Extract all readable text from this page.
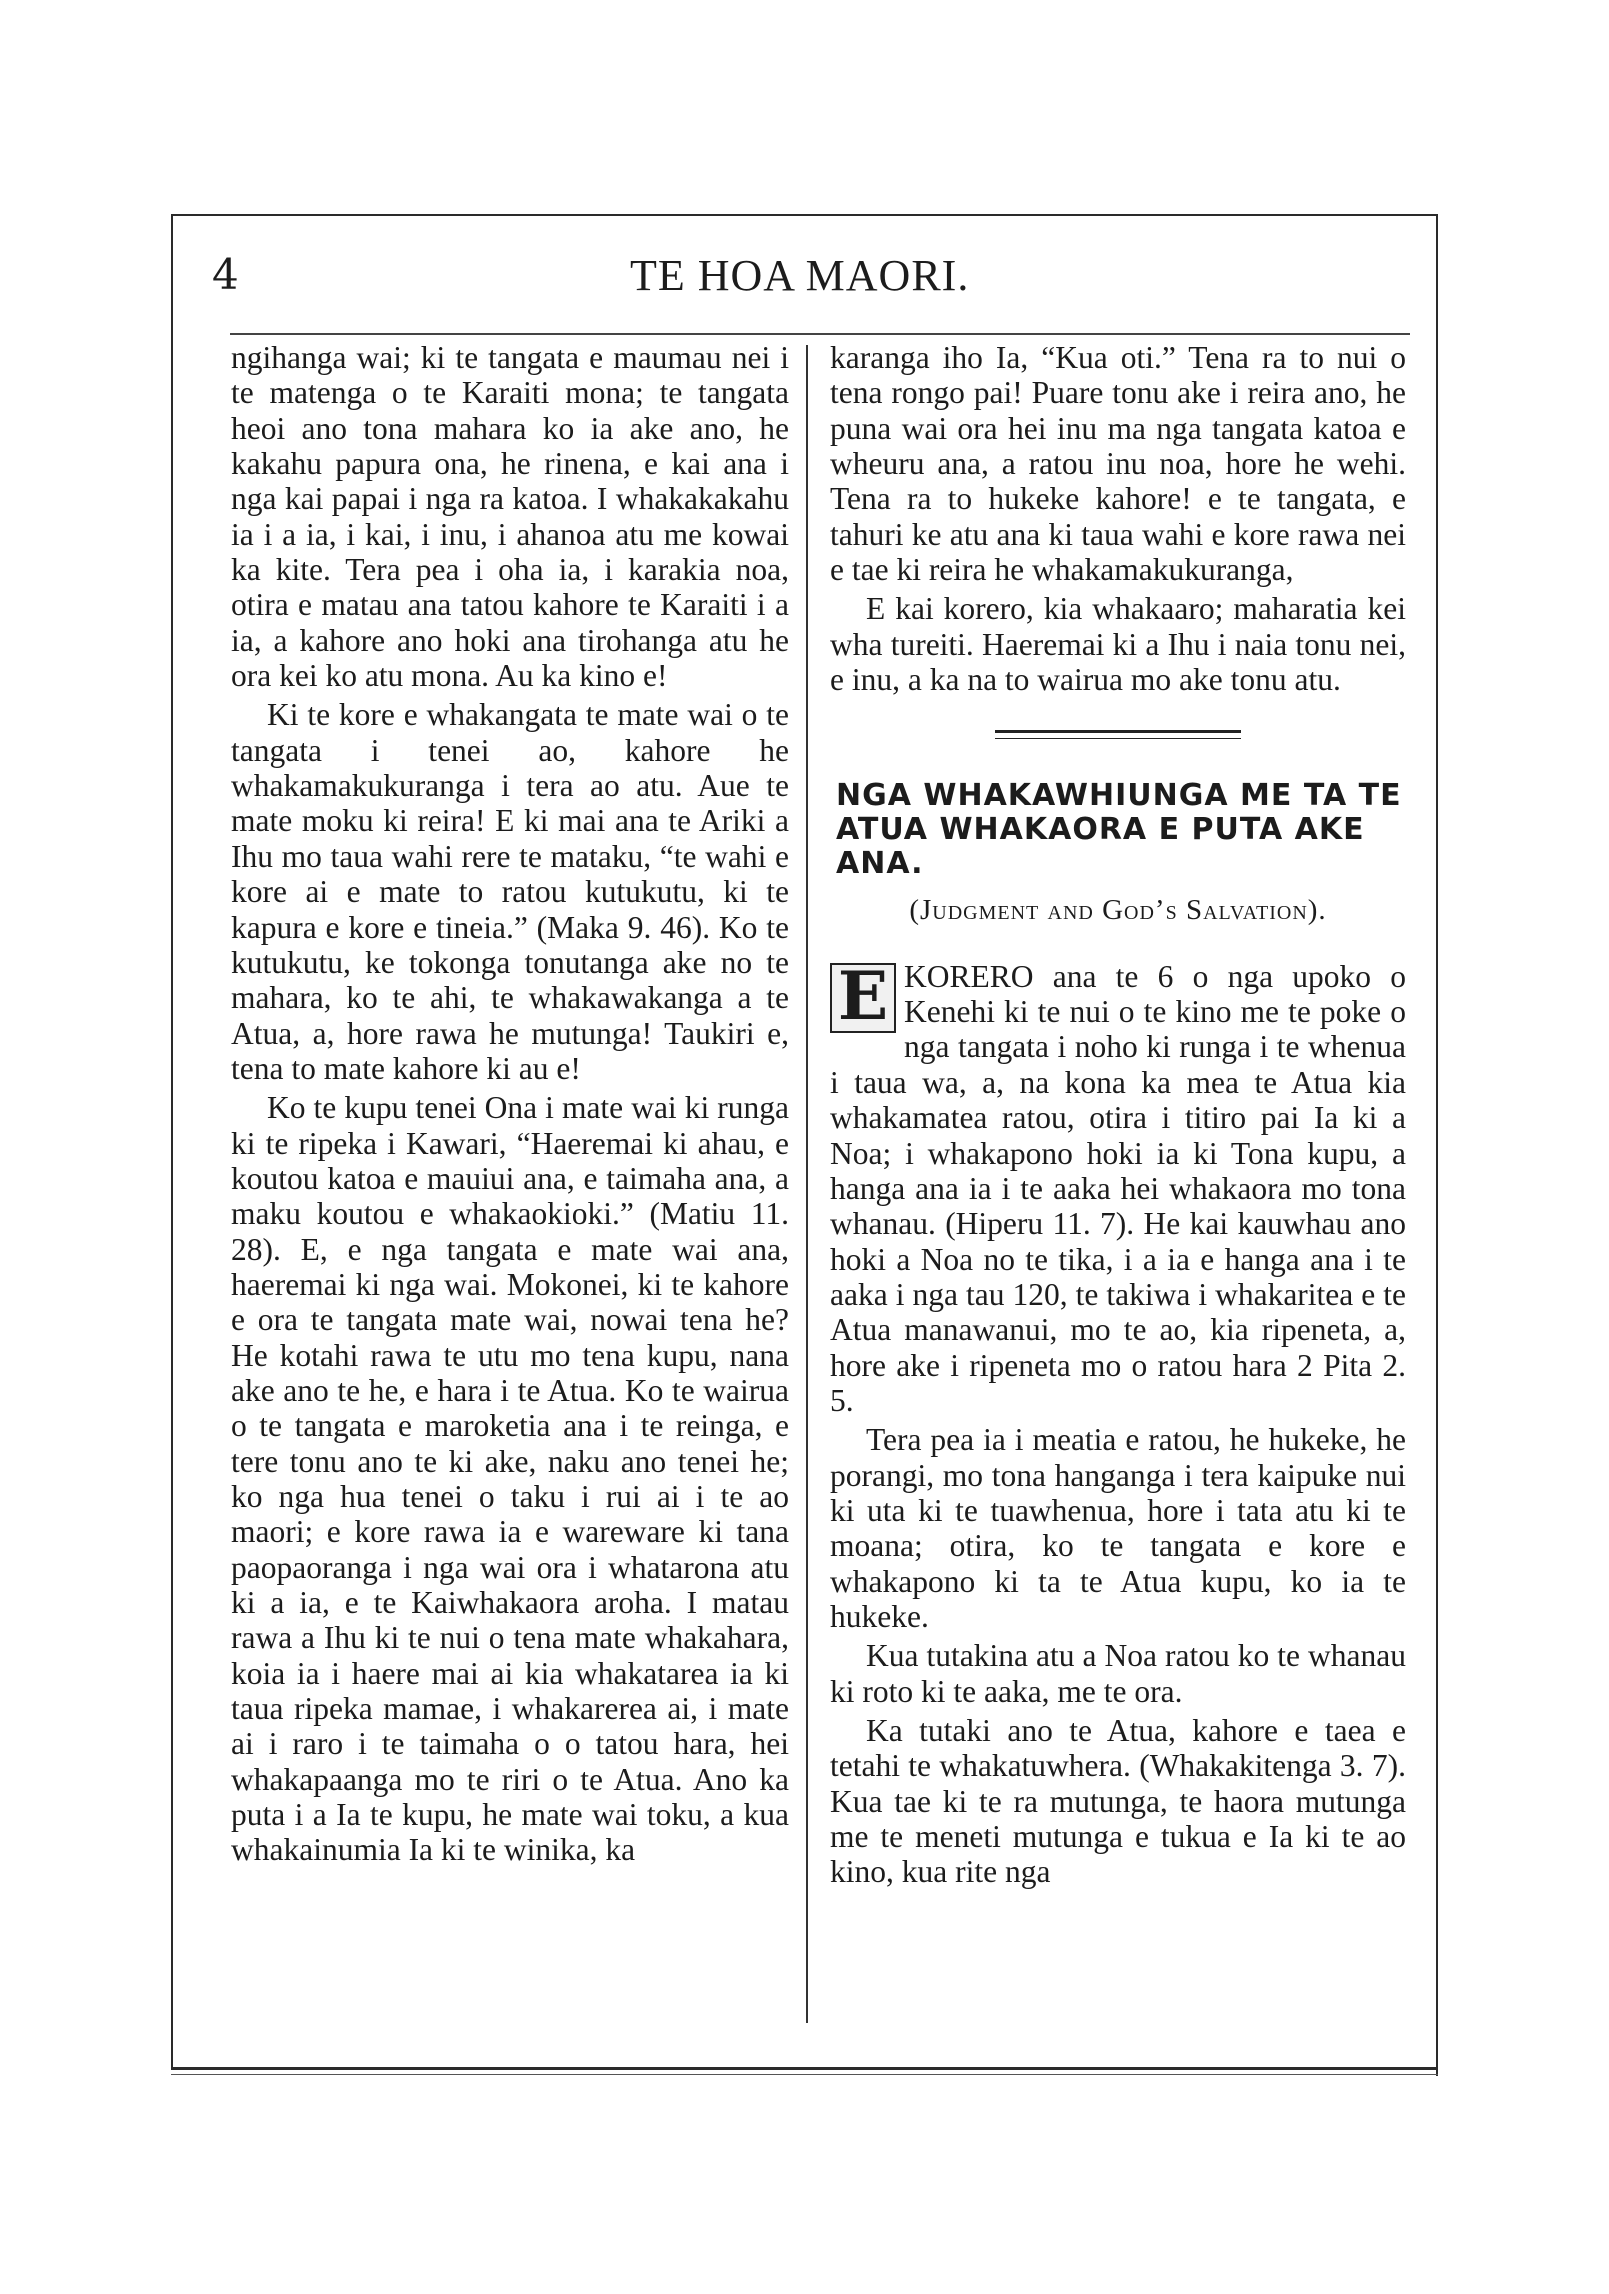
4	TE HOA MAORI.

ngihanga wai; ki te tangata e maumau nei i te matenga o te Karaiti mona; te tangata heoi ano tona mahara ko ia ake ano, he kakahu papura ona, he rinena, e kai ana i nga kai papai i nga ra katoa. I whakakakahu ia i a ia, i kai, i inu, i ahanoa atu me kowai ka kite. Tera pea i oha ia, i karakia noa, otira e matau ana tatou kahore te Karaiti i a ia, a kahore ano hoki ana tirohanga atu he ora kei ko atu mona. Au ka kino e!

Ki te kore e whakangata te mate wai o te tangata i tenei ao, kahore he whakamakukuranga i tera ao atu. Aue te mate moku ki reira! E ki mai ana te Ariki a Ihu mo taua wahi rere te mataku, “te wahi e kore ai e mate to ratou kutukutu, ki te kapura e kore e tineia.” (Maka 9. 46). Ko te kutukutu, ke tokonga tonutanga ake no te mahara, ko te ahi, te whakawakanga a te Atua, a, hore rawa he mutunga! Taukiri e, tena to mate kahore ki au e!

Ko te kupu tenei Ona i mate wai ki runga ki te ripeka i Kawari, “Haeremai ki ahau, e koutou katoa e mauiui ana, e taimaha ana, a maku koutou e whakaokioki.” (Matiu 11. 28). E, e nga tangata e mate wai ana, haeremai ki nga wai. Mokonei, ki te kahore e ora te tangata mate wai, nowai tena he? He kotahi rawa te utu mo tena kupu, nana ake ano te he, e hara i te Atua. Ko te wairua o te tangata e maroketia ana i te reinga, e tere tonu ano te ki ake, naku ano tenei he; ko nga hua tenei o taku i rui ai i te ao maori; e kore rawa ia e wareware ki tana paopaoranga i nga wai ora i whatarona atu ki a ia, e te Kaiwhakaora aroha. I matau rawa a Ihu ki te nui o tena mate whakahara, koia ia i haere mai ai kia whakatarea ia ki taua ripeka mamae, i whakarerea ai, i mate ai i raro i te taimaha o o tatou hara, hei whakapaanga mo te riri o te Atua. Ano ka puta i a Ia te kupu, he mate wai toku, a kua whakainumia Ia ki te winika, ka

karanga iho Ia, “Kua oti.” Tena ra to nui o tena rongo pai! Puare tonu ake i reira ano, he puna wai ora hei inu ma nga tangata katoa e wheuru ana, a ratou inu noa, hore he wehi. Tena ra to hukeke kahore! e te tangata, e tahuri ke atu ana ki taua wahi e kore rawa nei e tae ki reira he whakamakukuranga,

E kai korero, kia whakaaro; maharatia kei wha tureiti. Haeremai ki a Ihu i naia tonu nei, e inu, a ka na to wairua mo ake tonu atu.

NGA WHAKAWHIUNGA ME TA TE ATUA WHAKAORA E PUTA AKE ANA.
(Judgment and God’s Salvation).

E KORERO ana te 6 o nga upoko o Kenehi ki te nui o te kino me te poke o nga tangata i noho ki runga i te whenua i taua wa, a, na kona ka mea te Atua kia whakamatea ratou, otira i titiro pai Ia ki a Noa; i whakapono hoki ia ki Tona kupu, a hanga ana ia i te aaka hei whakaora mo tona whanau. (Hiperu 11. 7). He kai kauwhau ano hoki a Noa no te tika, i a ia e hanga ana i te aaka i nga tau 120, te takiwa i whakaritea e te Atua manawanui, mo te ao, kia ripeneta, a, hore ake i ripeneta mo o ratou hara 2 Pita 2. 5.

Tera pea ia i meatia e ratou, he hukeke, he porangi, mo tona hanganga i tera kaipuke nui ki uta ki te tuawhenua, hore i tata atu ki te moana; otira, ko te tangata e kore e whakapono ki ta te Atua kupu, ko ia te hukeke.

Kua tutakina atu a Noa ratou ko te whanau ki roto ki te aaka, me te ora.

Ka tutaki ano te Atua, kahore e taea e tetahi te whakatuwhera. (Whakakitenga 3. 7). Kua tae ki te ra mutunga, te haora mutunga me te meneti mutunga e tukua e Ia ki te ao kino, kua rite nga
